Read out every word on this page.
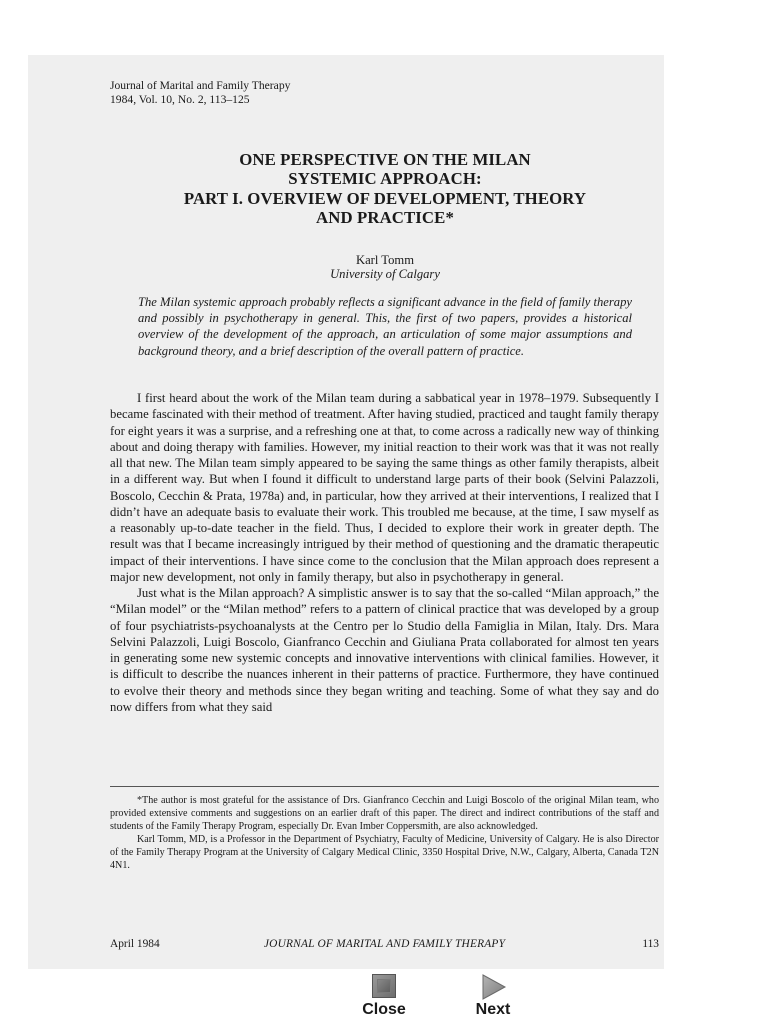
Journal of Marital and Family Therapy
1984, Vol. 10, No. 2, 113–125
ONE PERSPECTIVE ON THE MILAN
SYSTEMIC APPROACH:
PART I. OVERVIEW OF DEVELOPMENT, THEORY
AND PRACTICE*
Karl Tomm
University of Calgary

The Milan systemic approach probably reflects a significant advance in the field of family therapy and possibly in psychotherapy in general. This, the first of two papers, provides a historical overview of the development of the approach, an articulation of some major assumptions and background theory, and a brief description of the overall pattern of practice.

I first heard about the work of the Milan team during a sabbatical year in 1978–1979. Subsequently I became fascinated with their method of treatment. After having studied, practiced and taught family therapy for eight years it was a surprise, and a refreshing one at that, to come across a radically new way of thinking about and doing therapy with families. However, my initial reaction to their work was that it was not really all that new. The Milan team simply appeared to be saying the same things as other family therapists, albeit in a different way. But when I found it difficult to understand large parts of their book (Selvini Palazzoli, Boscolo, Cecchin & Prata, 1978a) and, in particular, how they arrived at their interventions, I realized that I didn’t have an adequate basis to evaluate their work. This troubled me because, at the time, I saw myself as a reasonably up-to-date teacher in the field. Thus, I decided to explore their work in greater depth. The result was that I became increasingly intrigued by their method of questioning and the dramatic therapeutic impact of their interventions. I have since come to the conclusion that the Milan approach does represent a major new development, not only in family therapy, but also in psychotherapy in general.

Just what is the Milan approach? A simplistic answer is to say that the so-called “Milan approach,” the “Milan model” or the “Milan method” refers to a pattern of clinical practice that was developed by a group of four psychiatrists-psychoanalysts at the Centro per lo Studio della Famiglia in Milan, Italy. Drs. Mara Selvini Palazzoli, Luigi Boscolo, Gianfranco Cecchin and Giuliana Prata collaborated for almost ten years in generating some new systemic concepts and innovative interventions with clinical families. However, it is difficult to describe the nuances inherent in their patterns of practice. Furthermore, they have continued to evolve their theory and methods since they began writing and teaching. Some of what they say and do now differs from what they said

*The author is most grateful for the assistance of Drs. Gianfranco Cecchin and Luigi Boscolo of the original Milan team, who provided extensive comments and suggestions on an earlier draft of this paper. The direct and indirect contributions of the staff and students of the Family Therapy Program, especially Dr. Evan Imber Coppersmith, are also acknowledged.

Karl Tomm, MD, is a Professor in the Department of Psychiatry, Faculty of Medicine, University of Calgary. He is also Director of the Family Therapy Program at the University of Calgary Medical Clinic, 3350 Hospital Drive, N.W., Calgary, Alberta, Canada T2N 4N1.

April 1984	JOURNAL OF MARITAL AND FAMILY THERAPY	113
Close	Next
